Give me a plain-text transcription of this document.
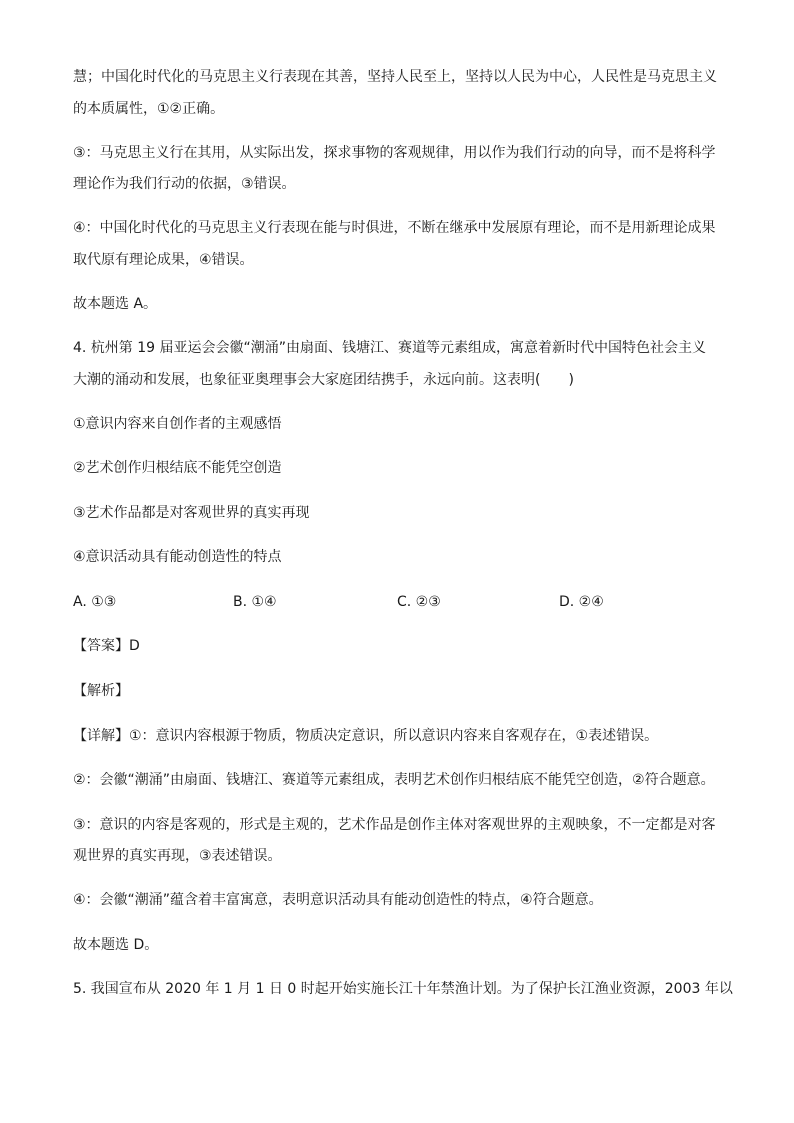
慧；中国化时代化的马克思主义行表现在其善，坚持人民至上，坚持以人民为中心，人民性是马克思主义
的本质属性，①②正确。
③：马克思主义行在其用，从实际出发，探求事物的客观规律，用以作为我们行动的向导，而不是将科学
理论作为我们行动的依据，③错误。
④：中国化时代化的马克思主义行表现在能与时俱进，不断在继承中发展原有理论，而不是用新理论成果
取代原有理论成果，④错误。
故本题选 A。
4. 杭州第 19 届亚运会会徽“潮涌”由扇面、钱塘江、赛道等元素组成，寓意着新时代中国特色社会主义
大潮的涌动和发展，也象征亚奥理事会大家庭团结携手，永远向前。这表明(　　)
①意识内容来自创作者的主观感悟
②艺术创作归根结底不能凭空创造
③艺术作品都是对客观世界的真实再现
④意识活动具有能动创造性的特点
A. ①③	B. ①④	C. ②③	D. ②④
【答案】D
【解析】
【详解】①：意识内容根源于物质，物质决定意识，所以意识内容来自客观存在，①表述错误。
②：会徽“潮涌”由扇面、钱塘江、赛道等元素组成，表明艺术创作归根结底不能凭空创造，②符合题意。
③：意识的内容是客观的，形式是主观的，艺术作品是创作主体对客观世界的主观映象，不一定都是对客
观世界的真实再现，③表述错误。
④：会徽“潮涌”蕴含着丰富寓意，表明意识活动具有能动创造性的特点，④符合题意。
故本题选 D。
5. 我国宣布从 2020 年 1 月 1 日 0 时起开始实施长江十年禁渔计划。为了保护长江渔业资源，2003 年以
